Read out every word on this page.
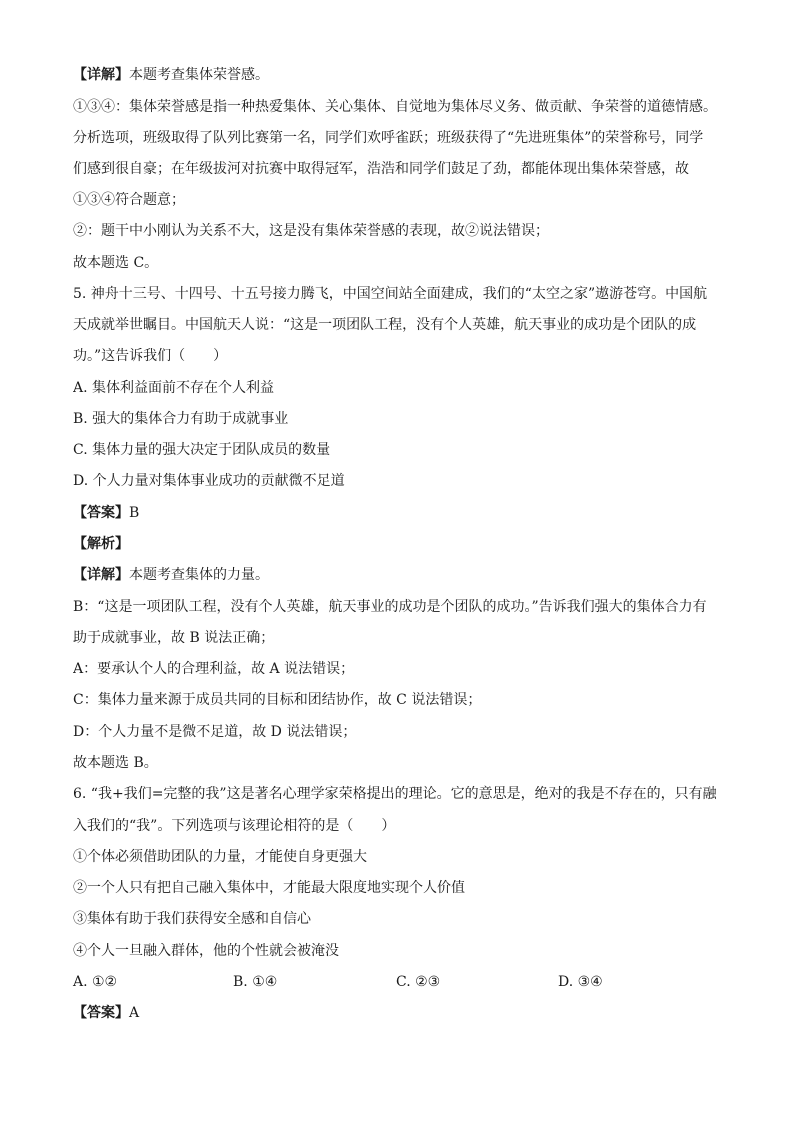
【详解】本题考查集体荣誉感。
①③④：集体荣誉感是指一种热爱集体、关心集体、自觉地为集体尽义务、做贡献、争荣誉的道德情感。
分析选项，班级取得了队列比赛第一名，同学们欢呼雀跃；班级获得了“先进班集体”的荣誉称号，同学
们感到很自豪；在年级拔河对抗赛中取得冠军，浩浩和同学们鼓足了劲，都能体现出集体荣誉感，故
①③④符合题意；
②：题干中小刚认为关系不大，这是没有集体荣誉感的表现，故②说法错误；
故本题选 C。
5. 神舟十三号、十四号、十五号接力腾飞，中国空间站全面建成，我们的“太空之家”遨游苍穹。中国航
天成就举世瞩目。中国航天人说：“这是一项团队工程，没有个人英雄，航天事业的成功是个团队的成
功。”这告诉我们（　　）
A. 集体利益面前不存在个人利益
B. 强大的集体合力有助于成就事业
C. 集体力量的强大决定于团队成员的数量
D. 个人力量对集体事业成功的贡献微不足道
【答案】B
【解析】
【详解】本题考查集体的力量。
B：“这是一项团队工程，没有个人英雄，航天事业的成功是个团队的成功。”告诉我们强大的集体合力有
助于成就事业，故 B 说法正确；
A：要承认个人的合理利益，故 A 说法错误；
C：集体力量来源于成员共同的目标和团结协作，故 C 说法错误；
D：个人力量不是微不足道，故 D 说法错误；
故本题选 B。
6. “我+我们=完整的我”这是著名心理学家荣格提出的理论。它的意思是，绝对的我是不存在的，只有融
入我们的“我”。下列选项与该理论相符的是（　　）
①个体必须借助团队的力量，才能使自身更强大
②一个人只有把自己融入集体中，才能最大限度地实现个人价值
③集体有助于我们获得安全感和自信心
④个人一旦融入群体，他的个性就会被淹没
A. ①②	B. ①④	C. ②③	D. ③④
【答案】A
